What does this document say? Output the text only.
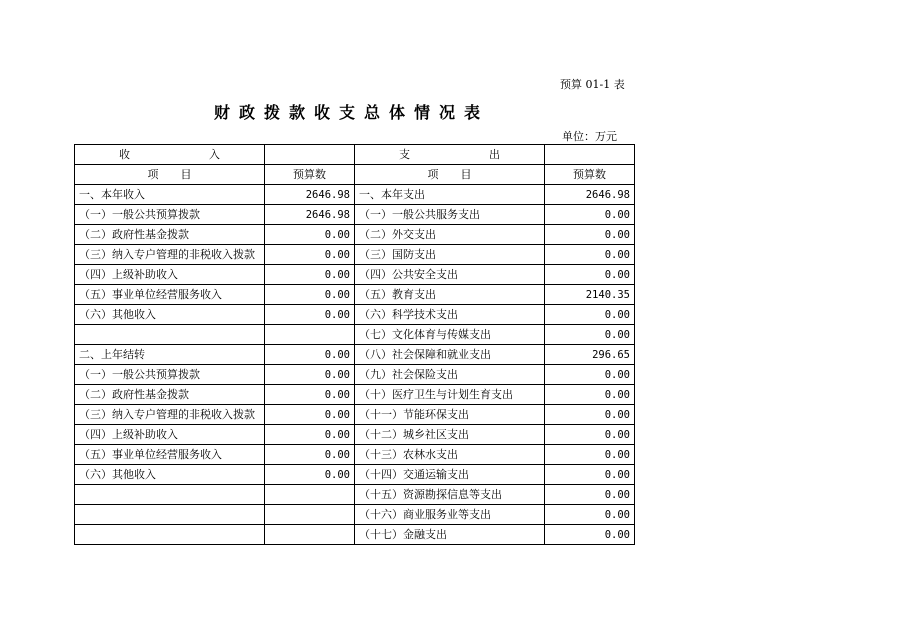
预算 01-1 表
财政拨款收支总体情况表
单位：万元
收 入		支 出	

项　　目	预算数	项　　目	预算数
一、本年收入	2646.98	一、本年支出	2646.98
（一）一般公共预算拨款	2646.98	（一）一般公共服务支出	0.00
（二）政府性基金拨款	0.00	（二）外交支出	0.00
（三）纳入专户管理的非税收入拨款	0.00	（三）国防支出	0.00
（四）上级补助收入	0.00	（四）公共安全支出	0.00
（五）事业单位经营服务收入	0.00	（五）教育支出	2140.35
（六）其他收入	0.00	（六）科学技术支出	0.00
		（七）文化体育与传媒支出	0.00
二、上年结转	0.00	（八）社会保障和就业支出	296.65
（一）一般公共预算拨款	0.00	（九）社会保险支出	0.00
（二）政府性基金拨款	0.00	（十）医疗卫生与计划生育支出	0.00
（三）纳入专户管理的非税收入拨款	0.00	（十一）节能环保支出	0.00
（四）上级补助收入	0.00	（十二）城乡社区支出	0.00
（五）事业单位经营服务收入	0.00	（十三）农林水支出	0.00
（六）其他收入	0.00	（十四）交通运输支出	0.00
		（十五）资源勘探信息等支出	0.00
		（十六）商业服务业等支出	0.00
		（十七）金融支出	0.00
